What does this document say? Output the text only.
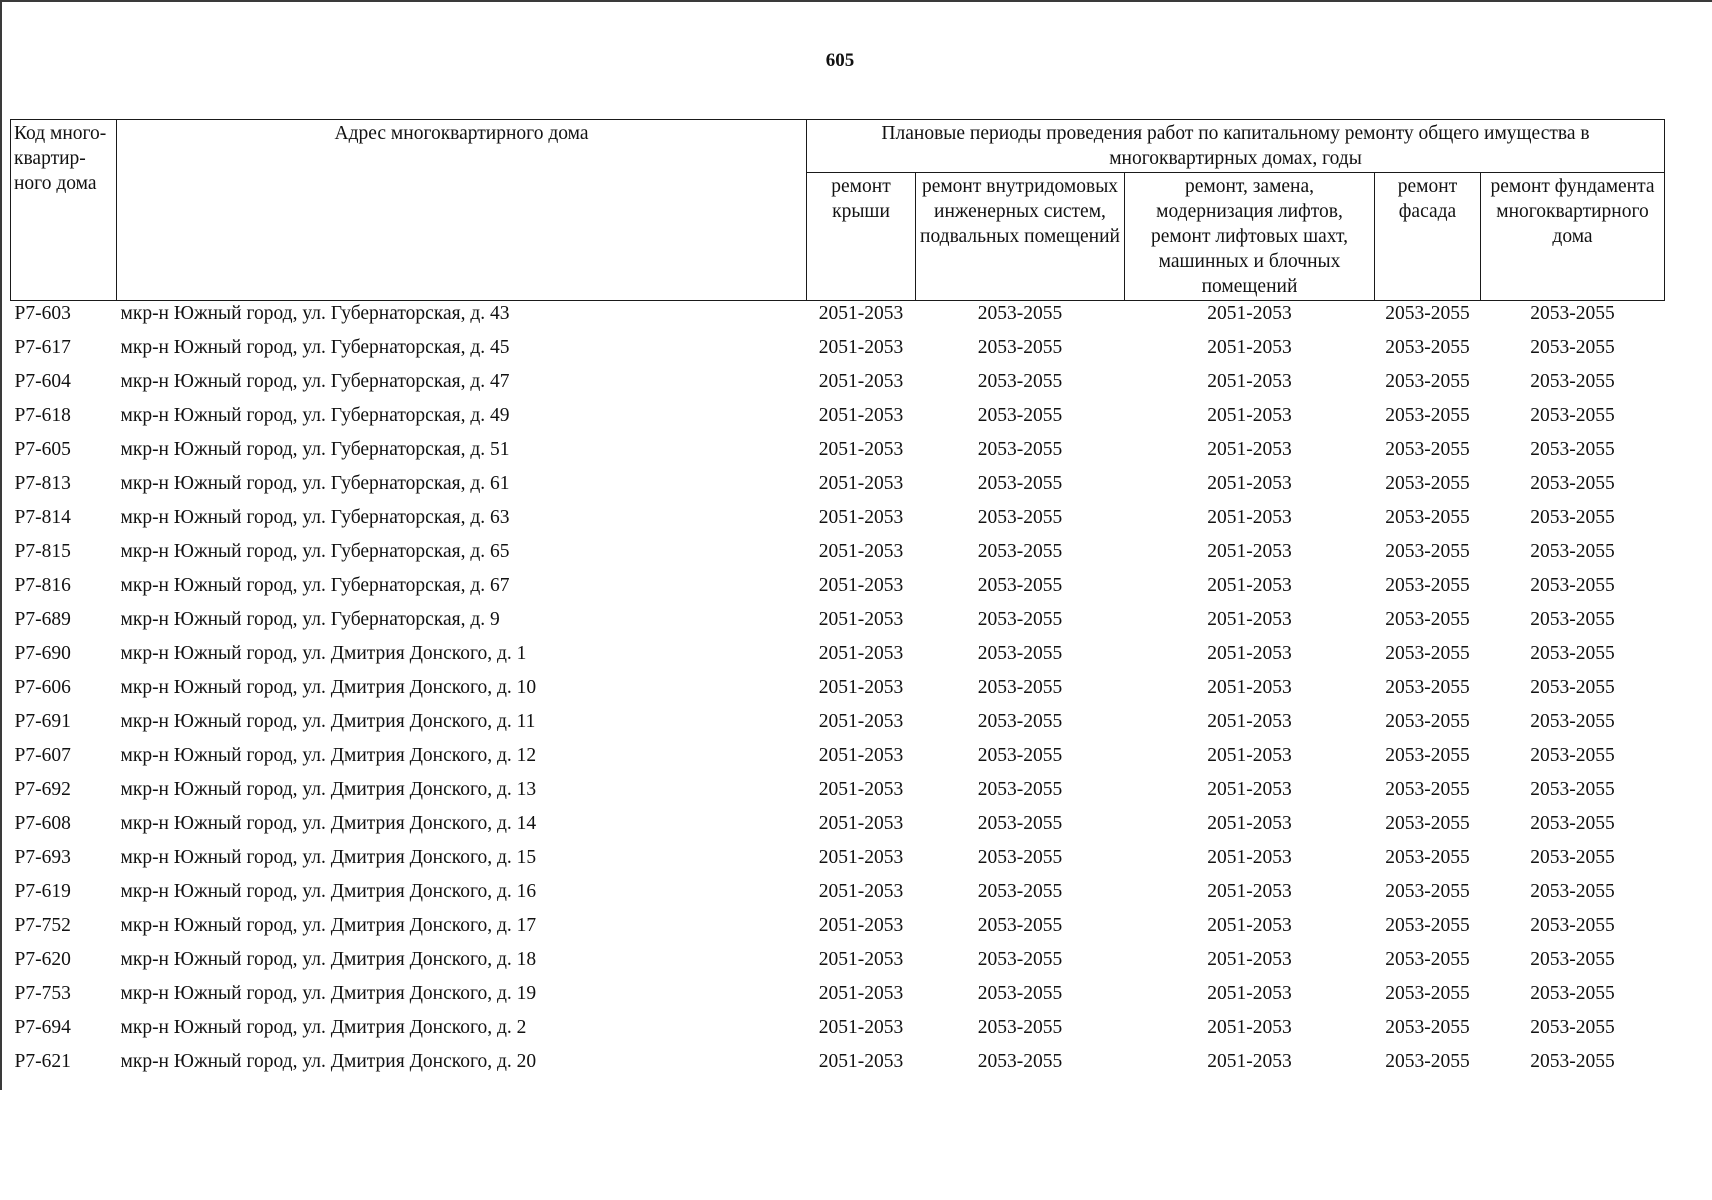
605
Код много-квартир-ного дома	Адрес многоквартирного дома	Плановые периоды проведения работ по капитальному ремонту общего имущества в многоквартирных домах, годы				
		ремонт крыши	ремонт внутридомовых инженерных систем, подвальных помещений	ремонт, замена, модернизация лифтов, ремонт лифтовых шахт, машинных и блочных помещений	ремонт фасада	ремонт фундамента многоквартирного дома
Р7-603	мкр-н Южный город, ул. Губернаторская, д. 43	2051-2053	2053-2055	2051-2053	2053-2055	2053-2055
Р7-617	мкр-н Южный город, ул. Губернаторская, д. 45	2051-2053	2053-2055	2051-2053	2053-2055	2053-2055
Р7-604	мкр-н Южный город, ул. Губернаторская, д. 47	2051-2053	2053-2055	2051-2053	2053-2055	2053-2055
Р7-618	мкр-н Южный город, ул. Губернаторская, д. 49	2051-2053	2053-2055	2051-2053	2053-2055	2053-2055
Р7-605	мкр-н Южный город, ул. Губернаторская, д. 51	2051-2053	2053-2055	2051-2053	2053-2055	2053-2055
Р7-813	мкр-н Южный город, ул. Губернаторская, д. 61	2051-2053	2053-2055	2051-2053	2053-2055	2053-2055
Р7-814	мкр-н Южный город, ул. Губернаторская, д. 63	2051-2053	2053-2055	2051-2053	2053-2055	2053-2055
Р7-815	мкр-н Южный город, ул. Губернаторская, д. 65	2051-2053	2053-2055	2051-2053	2053-2055	2053-2055
Р7-816	мкр-н Южный город, ул. Губернаторская, д. 67	2051-2053	2053-2055	2051-2053	2053-2055	2053-2055
Р7-689	мкр-н Южный город, ул. Губернаторская, д. 9	2051-2053	2053-2055	2051-2053	2053-2055	2053-2055
Р7-690	мкр-н Южный город, ул. Дмитрия Донского, д. 1	2051-2053	2053-2055	2051-2053	2053-2055	2053-2055
Р7-606	мкр-н Южный город, ул. Дмитрия Донского, д. 10	2051-2053	2053-2055	2051-2053	2053-2055	2053-2055
Р7-691	мкр-н Южный город, ул. Дмитрия Донского, д. 11	2051-2053	2053-2055	2051-2053	2053-2055	2053-2055
Р7-607	мкр-н Южный город, ул. Дмитрия Донского, д. 12	2051-2053	2053-2055	2051-2053	2053-2055	2053-2055
Р7-692	мкр-н Южный город, ул. Дмитрия Донского, д. 13	2051-2053	2053-2055	2051-2053	2053-2055	2053-2055
Р7-608	мкр-н Южный город, ул. Дмитрия Донского, д. 14	2051-2053	2053-2055	2051-2053	2053-2055	2053-2055
Р7-693	мкр-н Южный город, ул. Дмитрия Донского, д. 15	2051-2053	2053-2055	2051-2053	2053-2055	2053-2055
Р7-619	мкр-н Южный город, ул. Дмитрия Донского, д. 16	2051-2053	2053-2055	2051-2053	2053-2055	2053-2055
Р7-752	мкр-н Южный город, ул. Дмитрия Донского, д. 17	2051-2053	2053-2055	2051-2053	2053-2055	2053-2055
Р7-620	мкр-н Южный город, ул. Дмитрия Донского, д. 18	2051-2053	2053-2055	2051-2053	2053-2055	2053-2055
Р7-753	мкр-н Южный город, ул. Дмитрия Донского, д. 19	2051-2053	2053-2055	2051-2053	2053-2055	2053-2055
Р7-694	мкр-н Южный город, ул. Дмитрия Донского, д. 2	2051-2053	2053-2055	2051-2053	2053-2055	2053-2055
Р7-621	мкр-н Южный город, ул. Дмитрия Донского, д. 20	2051-2053	2053-2055	2051-2053	2053-2055	2053-2055
